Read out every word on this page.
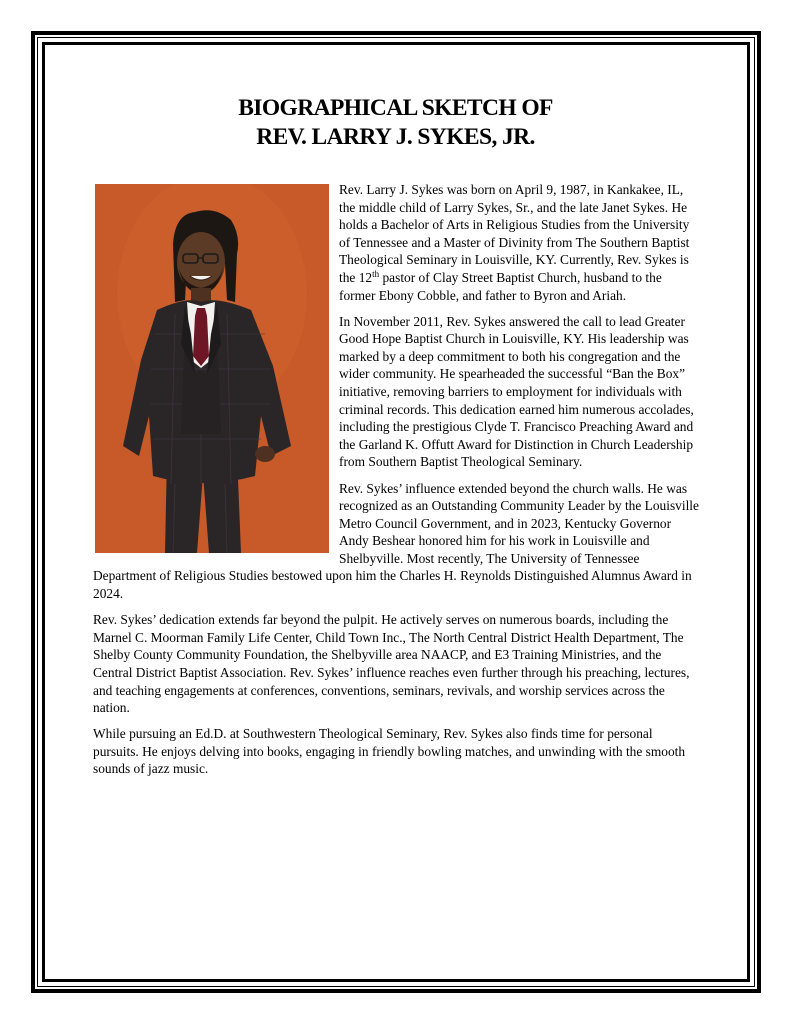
BIOGRAPHICAL SKETCH OF
REV. LARRY J. SYKES, JR.

Rev. Larry J. Sykes was born on April 9, 1987, in Kankakee, IL, the middle child of Larry Sykes, Sr., and the late Janet Sykes. He holds a Bachelor of Arts in Religious Studies from the University of Tennessee and a Master of Divinity from The Southern Baptist Theological Seminary in Louisville, KY. Currently, Rev. Sykes is the 12th pastor of Clay Street Baptist Church, husband to the former Ebony Cobble, and father to Byron and Ariah.

In November 2011, Rev. Sykes answered the call to lead Greater Good Hope Baptist Church in Louisville, KY. His leadership was marked by a deep commitment to both his congregation and the wider community. He spearheaded the successful “Ban the Box” initiative, removing barriers to employment for individuals with criminal records. This dedication earned him numerous accolades, including the prestigious Clyde T. Francisco Preaching Award and the Garland K. Offutt Award for Distinction in Church Leadership from Southern Baptist Theological Seminary.

Rev. Sykes’ influence extended beyond the church walls. He was recognized as an Outstanding Community Leader by the Louisville Metro Council Government, and in 2023, Kentucky Governor Andy Beshear honored him for his work in Louisville and Shelbyville. Most recently, The University of Tennessee Department of Religious Studies bestowed upon him the Charles H. Reynolds Distinguished Alumnus Award in 2024.

Rev. Sykes’ dedication extends far beyond the pulpit. He actively serves on numerous boards, including the Marnel C. Moorman Family Life Center, Child Town Inc., The North Central District Health Department, The Shelby County Community Foundation, the Shelbyville area NAACP, and E3 Training Ministries, and the Central District Baptist Association. Rev. Sykes’ influence reaches even further through his preaching, lectures, and teaching engagements at conferences, conventions, seminars, revivals, and worship services across the nation.

While pursuing an Ed.D. at Southwestern Theological Seminary, Rev. Sykes also finds time for personal pursuits. He enjoys delving into books, engaging in friendly bowling matches, and unwinding with the smooth sounds of jazz music.
